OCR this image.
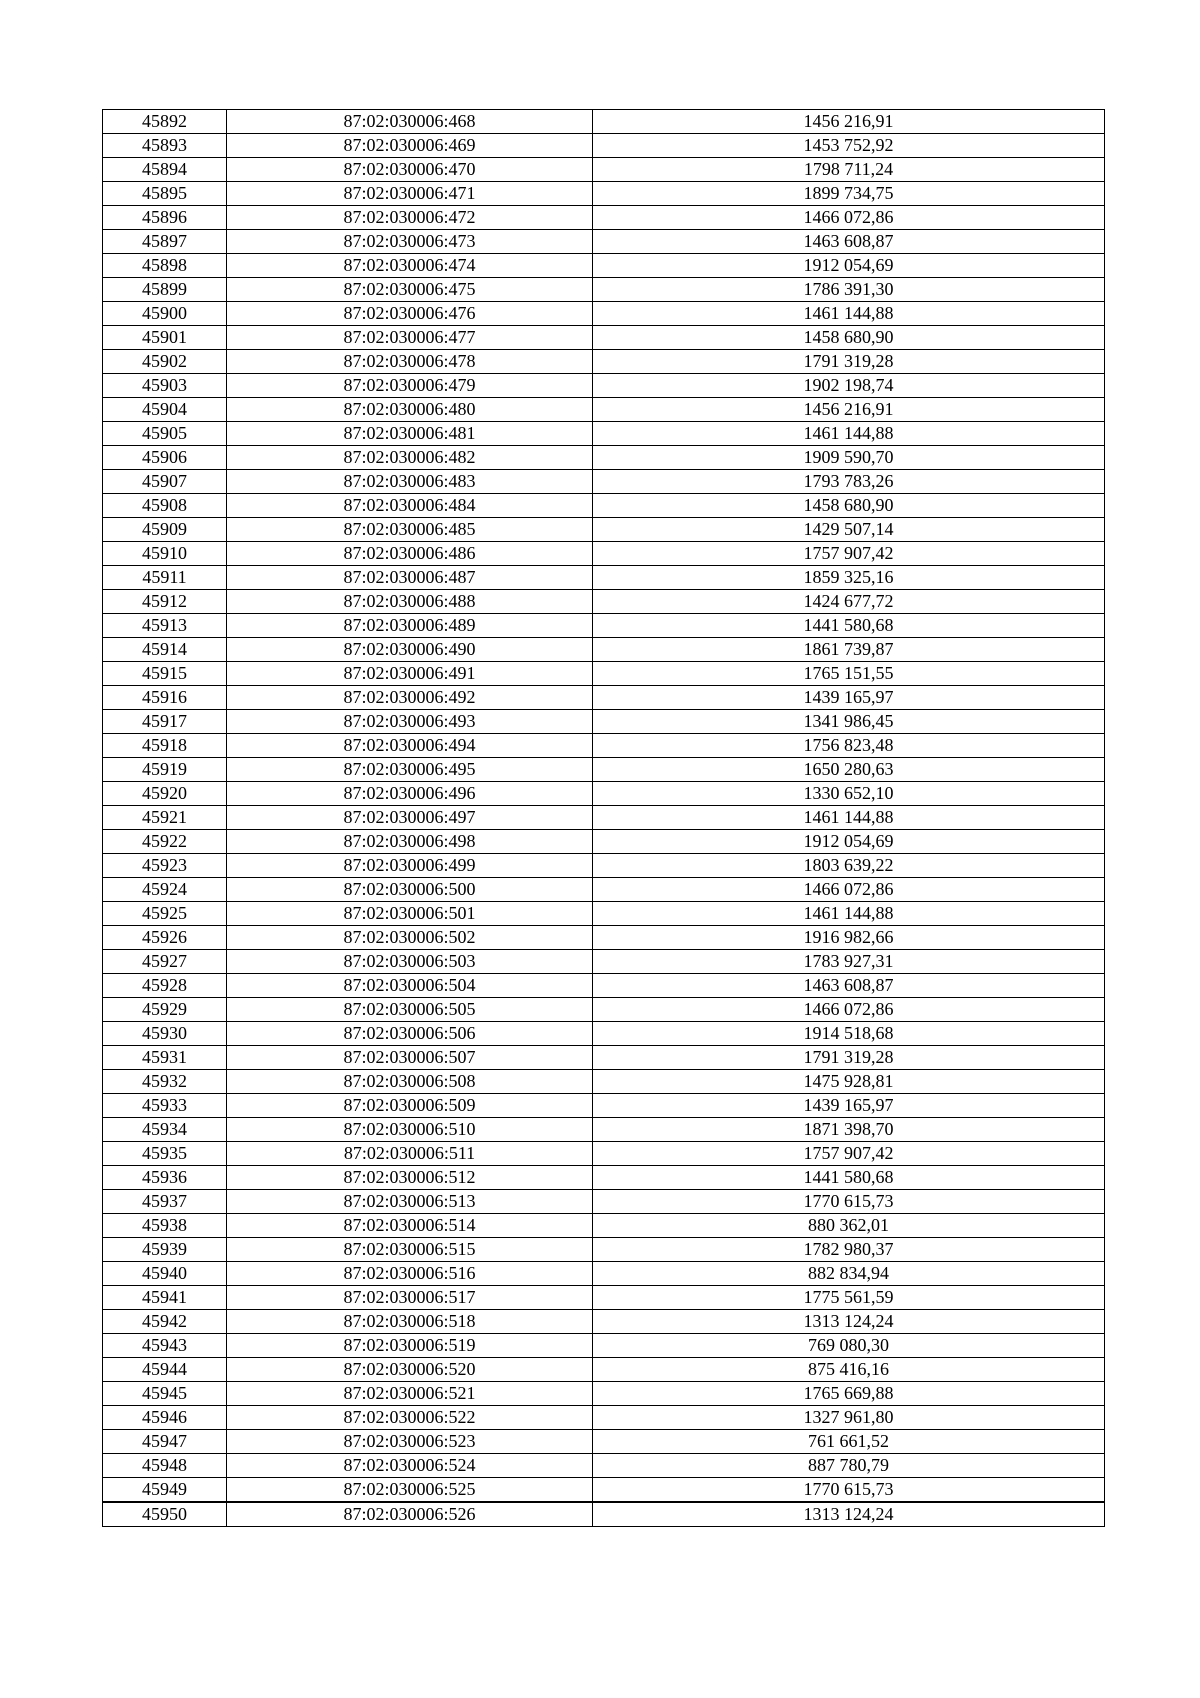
45892	87:02:030006:468	1456 216,91
45893	87:02:030006:469	1453 752,92
45894	87:02:030006:470	1798 711,24
45895	87:02:030006:471	1899 734,75
45896	87:02:030006:472	1466 072,86
45897	87:02:030006:473	1463 608,87
45898	87:02:030006:474	1912 054,69
45899	87:02:030006:475	1786 391,30
45900	87:02:030006:476	1461 144,88
45901	87:02:030006:477	1458 680,90
45902	87:02:030006:478	1791 319,28
45903	87:02:030006:479	1902 198,74
45904	87:02:030006:480	1456 216,91
45905	87:02:030006:481	1461 144,88
45906	87:02:030006:482	1909 590,70
45907	87:02:030006:483	1793 783,26
45908	87:02:030006:484	1458 680,90
45909	87:02:030006:485	1429 507,14
45910	87:02:030006:486	1757 907,42
45911	87:02:030006:487	1859 325,16
45912	87:02:030006:488	1424 677,72
45913	87:02:030006:489	1441 580,68
45914	87:02:030006:490	1861 739,87
45915	87:02:030006:491	1765 151,55
45916	87:02:030006:492	1439 165,97
45917	87:02:030006:493	1341 986,45
45918	87:02:030006:494	1756 823,48
45919	87:02:030006:495	1650 280,63
45920	87:02:030006:496	1330 652,10
45921	87:02:030006:497	1461 144,88
45922	87:02:030006:498	1912 054,69
45923	87:02:030006:499	1803 639,22
45924	87:02:030006:500	1466 072,86
45925	87:02:030006:501	1461 144,88
45926	87:02:030006:502	1916 982,66
45927	87:02:030006:503	1783 927,31
45928	87:02:030006:504	1463 608,87
45929	87:02:030006:505	1466 072,86
45930	87:02:030006:506	1914 518,68
45931	87:02:030006:507	1791 319,28
45932	87:02:030006:508	1475 928,81
45933	87:02:030006:509	1439 165,97
45934	87:02:030006:510	1871 398,70
45935	87:02:030006:511	1757 907,42
45936	87:02:030006:512	1441 580,68
45937	87:02:030006:513	1770 615,73
45938	87:02:030006:514	880 362,01
45939	87:02:030006:515	1782 980,37
45940	87:02:030006:516	882 834,94
45941	87:02:030006:517	1775 561,59
45942	87:02:030006:518	1313 124,24
45943	87:02:030006:519	769 080,30
45944	87:02:030006:520	875 416,16
45945	87:02:030006:521	1765 669,88
45946	87:02:030006:522	1327 961,80
45947	87:02:030006:523	761 661,52
45948	87:02:030006:524	887 780,79
45949	87:02:030006:525	1770 615,73
45950	87:02:030006:526	1313 124,24
